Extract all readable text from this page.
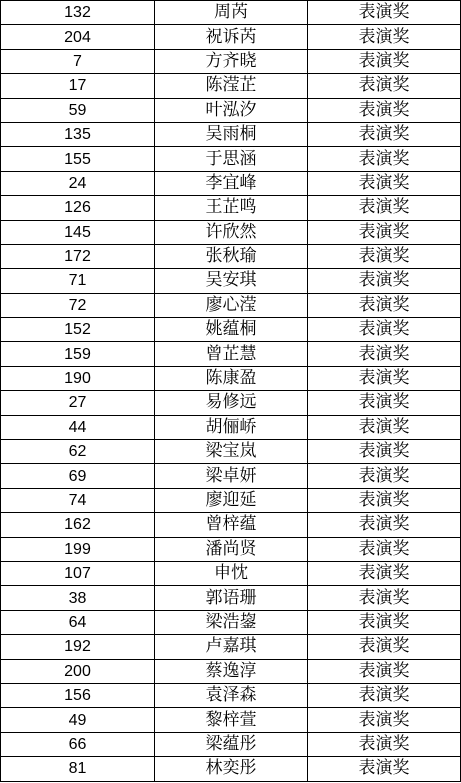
132	周芮	表演奖
204	祝诉芮	表演奖
7	方齐晓	表演奖
17	陈滢芷	表演奖
59	叶泓汐	表演奖
135	吴雨桐	表演奖
155	于思涵	表演奖
24	李宜峰	表演奖
126	王芷鸣	表演奖
145	许欣然	表演奖
172	张秋瑜	表演奖
71	吴安琪	表演奖
72	廖心滢	表演奖
152	姚蕴桐	表演奖
159	曾芷慧	表演奖
190	陈康盈	表演奖
27	易修远	表演奖
44	胡俪峤	表演奖
62	梁宝岚	表演奖
69	梁卓妍	表演奖
74	廖迎延	表演奖
162	曾梓蕴	表演奖
199	潘尚贤	表演奖
107	申忱	表演奖
38	郭语珊	表演奖
64	梁浩鋆	表演奖
192	卢嘉琪	表演奖
200	蔡逸淳	表演奖
156	袁泽森	表演奖
49	黎梓萱	表演奖
66	梁蕴彤	表演奖
81	林奕彤	表演奖
